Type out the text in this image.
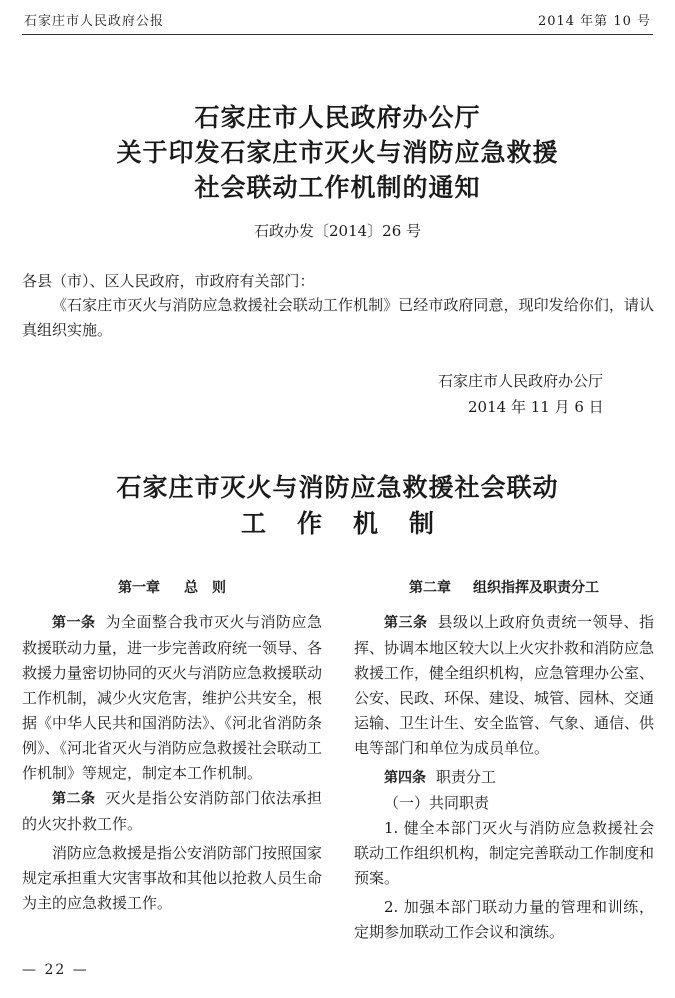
石家庄市人民政府公报	2014 年第 10 号
石家庄市人民政府办公厅
关于印发石家庄市灭火与消防应急救援
社会联动工作机制的通知
石政办发〔2014〕26 号
各县（市）、区人民政府，市政府有关部门：

《石家庄市灭火与消防应急救援社会联动工作机制》已经市政府同意，现印发给你们，请认真组织实施。

石家庄市人民政府办公厅
2014 年 11 月 6 日
石家庄市灭火与消防应急救援社会联动
工作机制
第一章 总　则

第一条 为全面整合我市灭火与消防应急救援联动力量，进一步完善政府统一领导、各救援力量密切协同的灭火与消防应急救援联动工作机制，减少火灾危害，维护公共安全，根据《中华人民共和国消防法》、《河北省消防条例》、《河北省灭火与消防应急救援社会联动工作机制》等规定，制定本工作机制。

第二条 灭火是指公安消防部门依法承担的火灾扑救工作。

消防应急救援是指公安消防部门按照国家规定承担重大灾害事故和其他以抢救人员生命为主的应急救援工作。

第二章 组织指挥及职责分工

第三条 县级以上政府负责统一领导、指挥、协调本地区较大以上火灾扑救和消防应急救援工作，健全组织机构，应急管理办公室、公安、民政、环保、建设、城管、园林、交通运输、卫生计生、安全监管、气象、通信、供电等部门和单位为成员单位。

第四条 职责分工

（一）共同职责

1. 健全本部门灭火与消防应急救援社会联动工作组织机构，制定完善联动工作制度和预案。

2. 加强本部门联动力量的管理和训练，定期参加联动工作会议和演练。

— 22 —
